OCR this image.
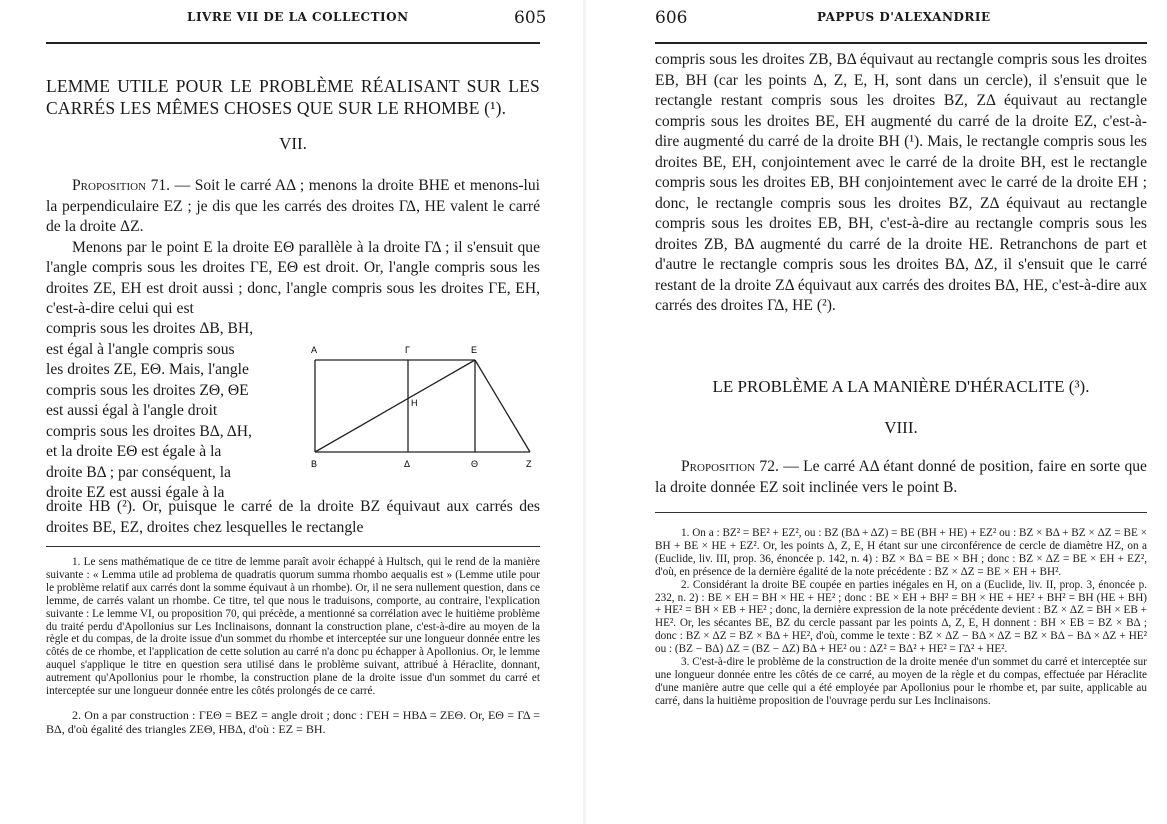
LIVRE VII DE LA COLLECTION	605
LEMME UTILE POUR LE PROBLÈME RÉALISANT SUR LES CARRÉS LES MÊMES CHOSES QUE SUR LE RHOMBE (¹).
VII.

Proposition 71. — Soit le carré AΔ ; menons la droite BHE et menons-lui la perpendiculaire EZ ; je dis que les carrés des droites ΓΔ, HE valent le carré de la droite ΔZ.

Menons par le point E la droite EΘ parallèle à la droite ΓΔ ; il s'ensuit que l'angle compris sous les droites ΓE, EΘ est droit. Or, l'angle compris sous les droites ZE, EH est droit aussi ; donc, l'angle compris sous les droites ΓE, EH, c'est-à-dire celui qui est

compris sous les droites ΔB, BH,

est égal à l'angle compris sous

les droites ZE, EΘ. Mais, l'angle

compris sous les droites ZΘ, ΘE

est aussi égal à l'angle droit

compris sous les droites BΔ, ΔH,

et la droite EΘ est égale à la

droite BΔ ; par conséquent, la

droite EZ est aussi égale à la

A	Γ	E
H
B	Δ	Θ	Z

droite HB (²). Or, puisque le carré de la droite BZ équivaut aux carrés des droites BE, EZ, droites chez lesquelles le rectangle

1. Le sens mathématique de ce titre de lemme paraît avoir échappé à Hultsch, qui le rend de la manière suivante : « Lemma utile ad problema de quadratis quorum summa rhombo aequalis est » (Lemme utile pour le problème relatif aux carrés dont la somme équivaut à un rhombe). Or, il ne sera nullement question, dans ce lemme, de carrés valant un rhombe. Ce titre, tel que nous le traduisons, comporte, au contraire, l'explication suivante : Le lemme VI, ou proposition 70, qui précède, a mentionné sa corrélation avec le huitième problème du traité perdu d'Apollonius sur Les Inclinaisons, donnant la construction plane, c'est-à-dire au moyen de la règle et du compas, de la droite issue d'un sommet du rhombe et interceptée sur une longueur donnée entre les côtés de ce rhombe, et l'application de cette solution au carré n'a donc pu échapper à Apollonius. Or, le lemme auquel s'applique le titre en question sera utilisé dans le problème suivant, attribué à Héraclite, donnant, autrement qu'Apollonius pour le rhombe, la construction plane de la droite issue d'un sommet du carré et interceptée sur une longueur donnée entre les côtés prolongés de ce carré.

2. On a par construction : ΓEΘ = BEZ = angle droit ; donc : ΓEH = HBΔ = ZEΘ. Or, EΘ = ΓΔ = BΔ, d'où égalité des triangles ZEΘ, HBΔ, d'où : EZ = BH.

606	PAPPUS D'ALEXANDRIE

compris sous les droites ZB, BΔ équivaut au rectangle compris sous les droites EB, BH (car les points Δ, Z, E, H, sont dans un cercle), il s'ensuit que le rectangle restant compris sous les droites BZ, ZΔ équivaut au rectangle compris sous les droites BE, EH augmenté du carré de la droite EZ, c'est-à-dire augmenté du carré de la droite BH (¹). Mais, le rectangle compris sous les droites BE, EH, conjointement avec le carré de la droite BH, est le rectangle compris sous les droites EB, BH conjointement avec le carré de la droite EH ; donc, le rectangle compris sous les droites BZ, ZΔ équivaut au rectangle compris sous les droites EB, BH, c'est-à-dire au rectangle compris sous les droites ZB, BΔ augmenté du carré de la droite HE. Retranchons de part et d'autre le rectangle compris sous les droites BΔ, ΔZ, il s'ensuit que le carré restant de la droite ZΔ équivaut aux carrés des droites BΔ, HE, c'est-à-dire aux carrés des droites ΓΔ, HE (²).

LE PROBLÈME A LA MANIÈRE D'HÉRACLITE (³).
VIII.

Proposition 72. — Le carré AΔ étant donné de position, faire en sorte que la droite donnée EZ soit inclinée vers le point B.

1. On a : BZ² = BE² + EZ², ou : BZ (BΔ + ΔZ) = BE (BH + HE) + EZ² ou : BZ × BΔ + BZ × ΔZ = BE × BH + BE × HE + EZ². Or, les points Δ, Z, E, H étant sur une circonférence de cercle de diamètre HZ, on a (Euclide, liv. III, prop. 36, énoncée p. 142, n. 4) : BZ × BΔ = BE × BH ; donc : BZ × ΔZ = BE × EH + EZ², d'où, en présence de la dernière égalité de la note précédente : BZ × ΔZ = BE × EH + BH².

2. Considérant la droite BE coupée en parties inégales en H, on a (Euclide, liv. II, prop. 3, énoncée p. 232, n. 2) : BE × EH = BH × HE + HE² ; donc : BE × EH + BH² = BH × HE + HE² + BH² = BH (HE + BH) + HE² = BH × EB + HE² ; donc, la dernière expression de la note précédente devient : BZ × ΔZ = BH × EB + HE². Or, les sécantes BE, BZ du cercle passant par les points Δ, Z, E, H donnent : BH × EB = BZ × BΔ ; donc : BZ × ΔZ = BZ × BΔ + HE², d'où, comme le texte : BZ × ΔZ − BΔ × ΔZ = BZ × BΔ − BΔ × ΔZ + HE² ou : (BZ − BΔ) ΔZ = (BZ − ΔZ) BΔ + HE² ou : ΔZ² = BΔ² + HE² = ΓΔ² + HE².

3. C'est-à-dire le problème de la construction de la droite menée d'un sommet du carré et interceptée sur une longueur donnée entre les côtés de ce carré, au moyen de la règle et du compas, effectuée par Héraclite d'une manière autre que celle qui a été employée par Apollonius pour le rhombe et, par suite, applicable au carré, dans la huitième proposition de l'ouvrage perdu sur Les Inclinaisons.
